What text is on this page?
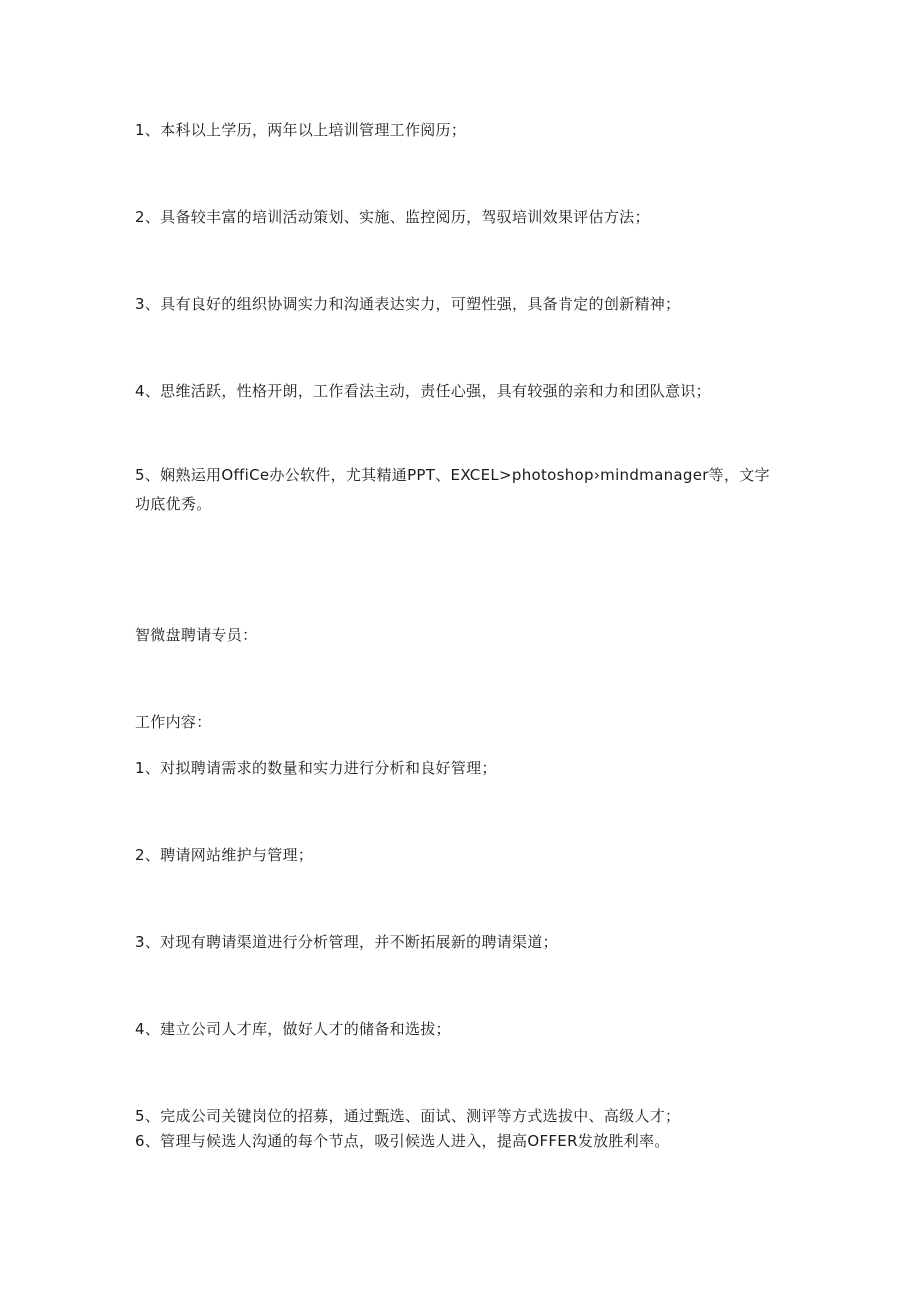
1、本科以上学历，两年以上培训管理工作阅历；
2、具备较丰富的培训活动策划、实施、监控阅历，驾驭培训效果评估方法；
3、具有良好的组织协调实力和沟通表达实力，可塑性强，具备肯定的创新精神；
4、思维活跃，性格开朗，工作看法主动，责任心强，具有较强的亲和力和团队意识；
5、娴熟运用OffiCe办公软件，尤其精通PPT、EXCEL>photoshop›mindmanager等，文字功底优秀。
智微盘聘请专员：
工作内容：
1、对拟聘请需求的数量和实力进行分析和良好管理；
2、聘请网站维护与管理；
3、对现有聘请渠道进行分析管理，并不断拓展新的聘请渠道；
4、建立公司人才库，做好人才的储备和选拔；
5、完成公司关键岗位的招募，通过甄选、面试、测评等方式选拔中、高级人才；
6、管理与候选人沟通的每个节点，吸引候选人进入，提高OFFER发放胜利率。
